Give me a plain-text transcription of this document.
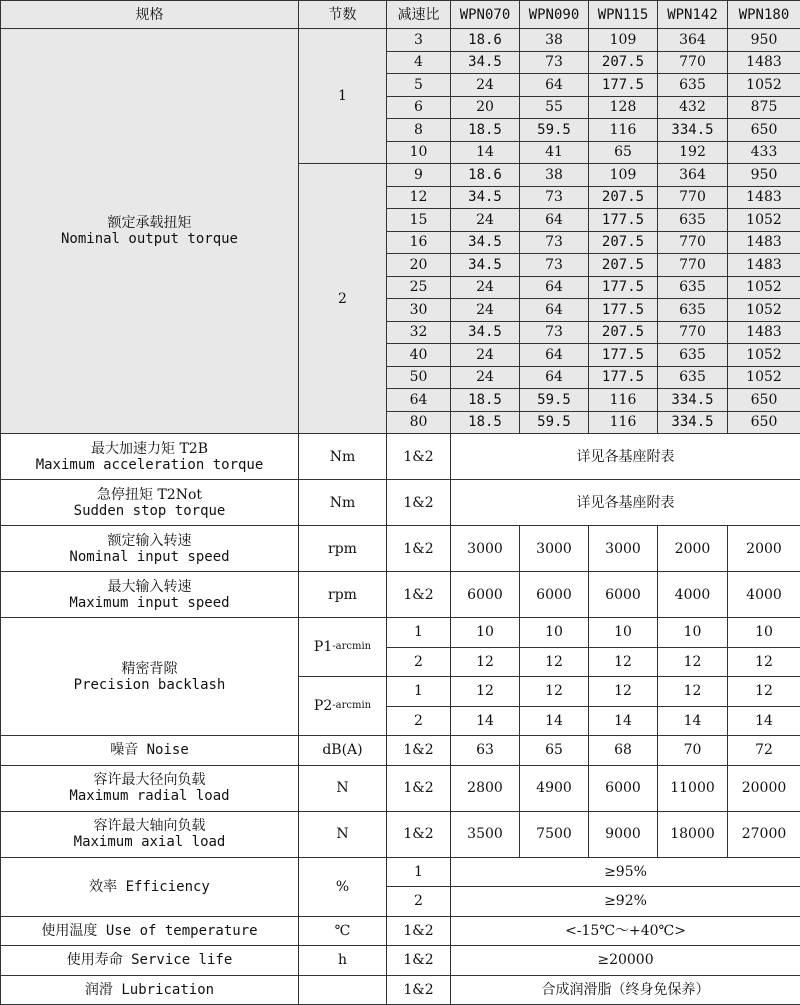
规格	节数	减速比	WPN070	WPN090	WPN115	WPN142	WPN180

额定承载扭矩
Nominal output torque	1	3	18.6	38	109	364	950
		4	34.5	73	207.5	770	1483
		5	24	64	177.5	635	1052
		6	20	55	128	432	875
		8	18.5	59.5	116	334.5	650
		10	14	41	65	192	433
	2	9	18.6	38	109	364	950
		12	34.5	73	207.5	770	1483
		15	24	64	177.5	635	1052
		16	34.5	73	207.5	770	1483
		20	34.5	73	207.5	770	1483
		25	24	64	177.5	635	1052
		30	24	64	177.5	635	1052
		32	34.5	73	207.5	770	1483
		40	24	64	177.5	635	1052
		50	24	64	177.5	635	1052
		64	18.5	59.5	116	334.5	650
		80	18.5	59.5	116	334.5	650

最大加速力矩 T2B
Maximum acceleration torque	Nm	1&2	详见各基座附表				

急停扭矩 T2Not
Sudden stop torque	Nm	1&2	详见各基座附表				

额定输入转速
Nominal input speed	rpm	1&2	3000	3000	3000	2000	2000

最大输入转速
Maximum input speed	rpm	1&2	6000	6000	6000	4000	4000

精密背隙
Precision backlash	P1-arcmin	1	10	10	10	10	10
		2	12	12	12	12	12
	P2-arcmin	1	12	12	12	12	12
		2	14	14	14	14	14

噪音 Noise	dB(A)	1&2	63	65	68	70	72

容许最大径向负载
Maximum radial load	N	1&2	2800	4900	6000	11000	20000

容许最大轴向负载
Maximum axial load	N	1&2	3500	7500	9000	18000	27000

效率 Efficiency	%	1	≥95%				
		2	≥92%				

使用温度 Use of temperature	℃	1&2	<-15℃～+40℃>				

使用寿命 Service life	h	1&2	≥20000				

润滑 Lubrication		1&2	合成润滑脂（终身免保养）				
